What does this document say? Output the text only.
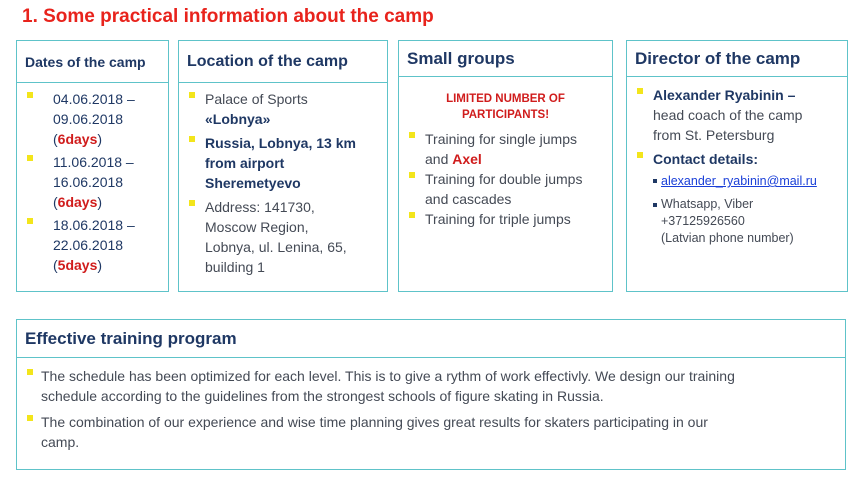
1. Some practical information about the camp
Dates of the camp
04.06.2018 –
09.06.2018
(6days)
11.06.2018 –
16.06.2018
(6days)
18.06.2018 –
22.06.2018
(5days)
Location of the camp
Palace of Sports
«Lobnya»
Russia, Lobnya, 13 km
from airport
Sheremetyevo
Address: 141730,
Moscow Region,
Lobnya, ul. Lenina, 65,
building 1
Small groups
LIMITED NUMBER OF
PARTICIPANTS!
Training for single jumps
and Axel
Training for double jumps
and cascades
Training for triple jumps
Director of the camp
Alexander Ryabinin –
head coach of the camp
from St. Petersburg
Contact details:
alexander_ryabinin@mail.ru
Whatsapp, Viber
+37125926560
(Latvian phone number)
Effective training program
The schedule has been optimized for each level. This is to give a rythm of work effectivly. We design our training
schedule according to the guidelines from the strongest schools of figure skating in Russia.
The combination of our experience and wise time planning gives great results for skaters participating in our
camp.
